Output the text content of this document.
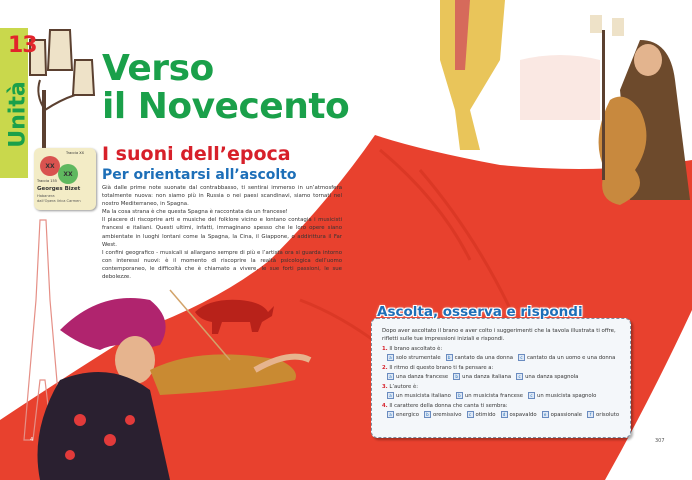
13
Unità
Verso
il Novecento
Traccia XX
XX
XX
Traccia 155
Georges Bizet
Habanera
dall’Opera lirica Carmen
I suoni dell’epoca
Per orientarsi all’ascolto

Già dalle prime note suonate dal contrabbasso, ti sentirai immerso in un’atmosfera totalmente nuova: non siamo più in Russia o nei paesi scandinavi, siamo tornati nel nostro Mediterraneo, in Spagna.

Ma la cosa strana è che questa Spagna è raccontata da un francese!

Il piacere di riscoprire arti e musiche del folklore vicino e lontano contagia i musicisti francesi e italiani. Questi ultimi, infatti, immaginano spesso che le loro opere siano ambientate in luoghi lontani come la Spagna, la Cina, il Giappone, o addirittura il Far West.

I confini geografico - musicali si allargano sempre di più e l’artista ora si guarda intorno con interessi nuovi: è il momento di riscoprire la realtà psicologica dell’uomo contemporaneo, le difficoltà che è chiamato a vivere, le sue forti passioni, le sue debolezze.

Dopo aver ascoltato il brano e aver colto i suggerimenti che la tavola illustrata ti offre, rifletti sulle tue impressioni iniziali e rispondi.
1. Il brano ascoltato è:
a solo strumentale b cantato da una donna c cantato da un uomo e una donna
2. Il ritmo di questo brano ti fa pensare a:
a una danza francese b una danza italiana c una danza spagnola
3. L’autore è:
a un musicista italiano b un musicista francese c un musicista spagnolo
4. Il carattere della donna che canta ti sembra:
a energico b oremissivo c otimido d ospavaldo e opassionale f orisoluto
Ascolta, osserva e rispondi
4	307
